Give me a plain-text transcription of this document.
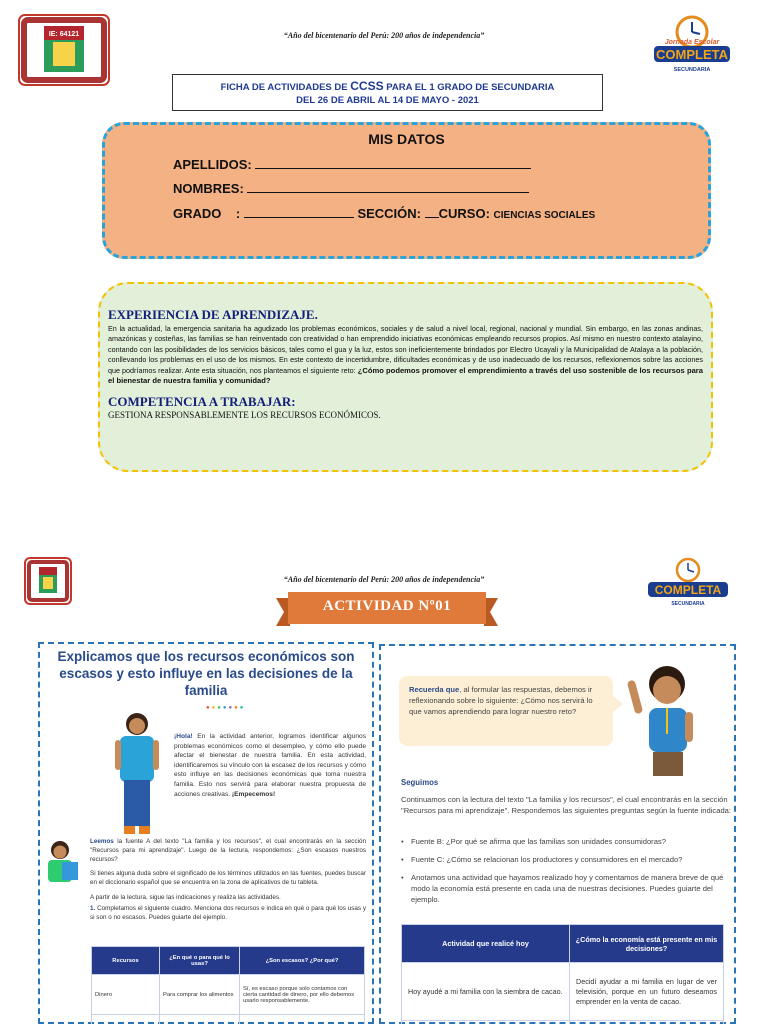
IE: 64121
Jornada Escolar
COMPLETA
SECUNDARIA
“Año del bicentenario del Perú: 200 años de independencia”
FICHA DE ACTIVIDADES DE CCSS PARA EL 1 GRADO DE SECUNDARIA
DEL 26 DE ABRIL AL 14 DE MAYO - 2021
MIS DATOS
APELLIDOS:
NOMBRES:
GRADO :	SECCIÓN: CURSO: CIENCIAS SOCIALES
EXPERIENCIA DE APRENDIZAJE.

En la actualidad, la emergencia sanitaria ha agudizado los problemas económicos, sociales y de salud a nivel local, regional, nacional y mundial. Sin embargo, en las zonas andinas, amazónicas y costeñas, las familias se han reinventado con creatividad o han emprendido iniciativas económicas empleando recursos propios. Así mismo en nuestro contexto atalayino, contando con las posibilidades de los servicios básicos, tales como el gua y la luz, estos son ineficientemente brindados por Electro Ucayali y la Municipalidad de Atalaya a la población, conllevando los problemas en el uso de los mismos. En este contexto de incertidumbre, dificultades económicas y de uso inadecuado de los recursos, reflexionemos sobre las acciones que podríamos realizar. Ante esta situación, nos planteamos el siguiente reto: ¿Cómo podemos promover el emprendimiento a través del uso sostenible de los recursos para el bienestar de nuestra familia y comunidad?

COMPETENCIA A TRABAJAR:
GESTIONA RESPONSABLEMENTE LOS RECURSOS ECONÓMICOS.
COMPLETA
SECUNDARIA
“Año del bicentenario del Perú: 200 años de independencia”
ACTIVIDAD Nº01
Explicamos que los recursos económicos son escasos y esto influye en las decisiones de la familia
●●●●●●●
¡Hola! En la actividad anterior, logramos identificar algunos problemas económicos como el desempleo, y cómo ello puede afectar el bienestar de nuestra familia. En esta actividad, identificaremos su vínculo con la escasez de los recursos y cómo esto influye en las decisiones económicas que toma nuestra familia. Esto nos servirá para elaborar nuestra propuesta de acciones creativas. ¡Empecemos!
Leemos la fuente A del texto "La familia y los recursos", el cual encontrarás en la sección "Recursos para mi aprendizaje". Luego de la lectura, respondemos: ¿Son escasos nuestros recursos?
Si tienes alguna duda sobre el significado de los términos utilizados en las fuentes, puedes buscar en el diccionario español que se encuentra en la zona de aplicativos de tu tableta.
A partir de la lectura, sigue las indicaciones y realiza las actividades.
1. Completamos el siguiente cuadro. Menciona dos recursos e indica en qué o para qué los usas y si son o no escasos. Puedes guiarte del ejemplo.
Recursos	¿En qué o para qué lo usas?	¿Son escasos? ¿Por qué?
Dinero	Para comprar los alimentos	Sí, es escaso porque solo contamos con cierta cantidad de dinero, por ello debemos usarlo responsablemente.

Recuerda que, al formular las respuestas, debemos ir reflexionando sobre lo siguiente: ¿Cómo nos servirá lo que vamos aprendiendo para lograr nuestro reto?
Seguimos
Continuamos con la lectura del texto "La familia y los recursos", el cual encontrarás en la sección "Recursos para mi aprendizaje". Respondemos las siguientes preguntas según la fuente indicada:
• Fuente B: ¿Por qué se afirma que las familias son unidades consumidoras?
• Fuente C: ¿Cómo se relacionan los productores y consumidores en el mercado?
• Anotamos una actividad que hayamos realizado hoy y comentamos de manera breve de qué modo la economía está presente en cada una de nuestras decisiones. Puedes guiarte del ejemplo.
Actividad que realicé hoy	¿Cómo la economía está presente en mis decisiones?
Hoy ayudé a mi familia con la siembra de cacao.	Decidí ayudar a mi familia en lugar de ver televisión, porque en un futuro deseamos emprender en la venta de cacao.
